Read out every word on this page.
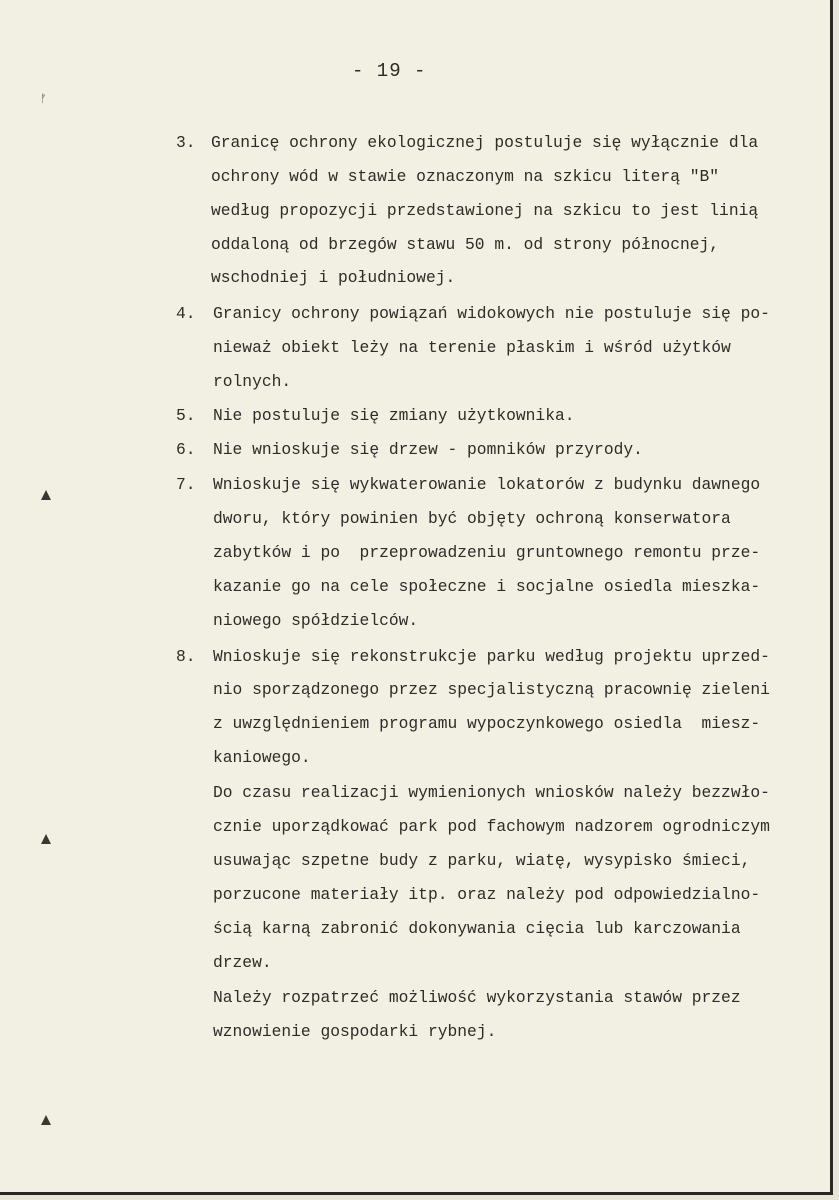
- 19 -
ᚠ
3. Granicę ochrony ekologicznej postuluje się wyłącznie dla
ochrony wód w stawie oznaczonym na szkicu literą "B"
według propozycji przedstawionej na szkicu to jest linią
oddaloną od brzegów stawu 50 m. od strony północnej,
wschodniej i południowej.
4. Granicy ochrony powiązań widokowych nie postuluje się po-
nieważ obiekt leży na terenie płaskim i wśród użytków
rolnych.
5. Nie postuluje się zmiany użytkownika.
6. Nie wnioskuje się drzew - pomników przyrody.
7. Wnioskuje się wykwaterowanie lokatorów z budynku dawnego
dworu, który powinien być objęty ochroną konserwatora
zabytków i po  przeprowadzeniu gruntownego remontu prze-
kazanie go na cele społeczne i socjalne osiedla mieszka-
niowego spółdzielców.
8. Wnioskuje się rekonstrukcje parku według projektu uprzed-
nio sporządzonego przez specjalistyczną pracownię zieleni
z uwzględnieniem programu wypoczynkowego osiedla  miesz-
kaniowego.
Do czasu realizacji wymienionych wniosków należy bezzwło-
cznie uporządkować park pod fachowym nadzorem ogrodniczym
usuwając szpetne budy z parku, wiatę, wysypisko śmieci,
porzucone materiały itp. oraz należy pod odpowiedzialno-
ścią karną zabronić dokonywania cięcia lub karczowania
drzew.
Należy rozpatrzeć możliwość wykorzystania stawów przez
wznowienie gospodarki rybnej.
